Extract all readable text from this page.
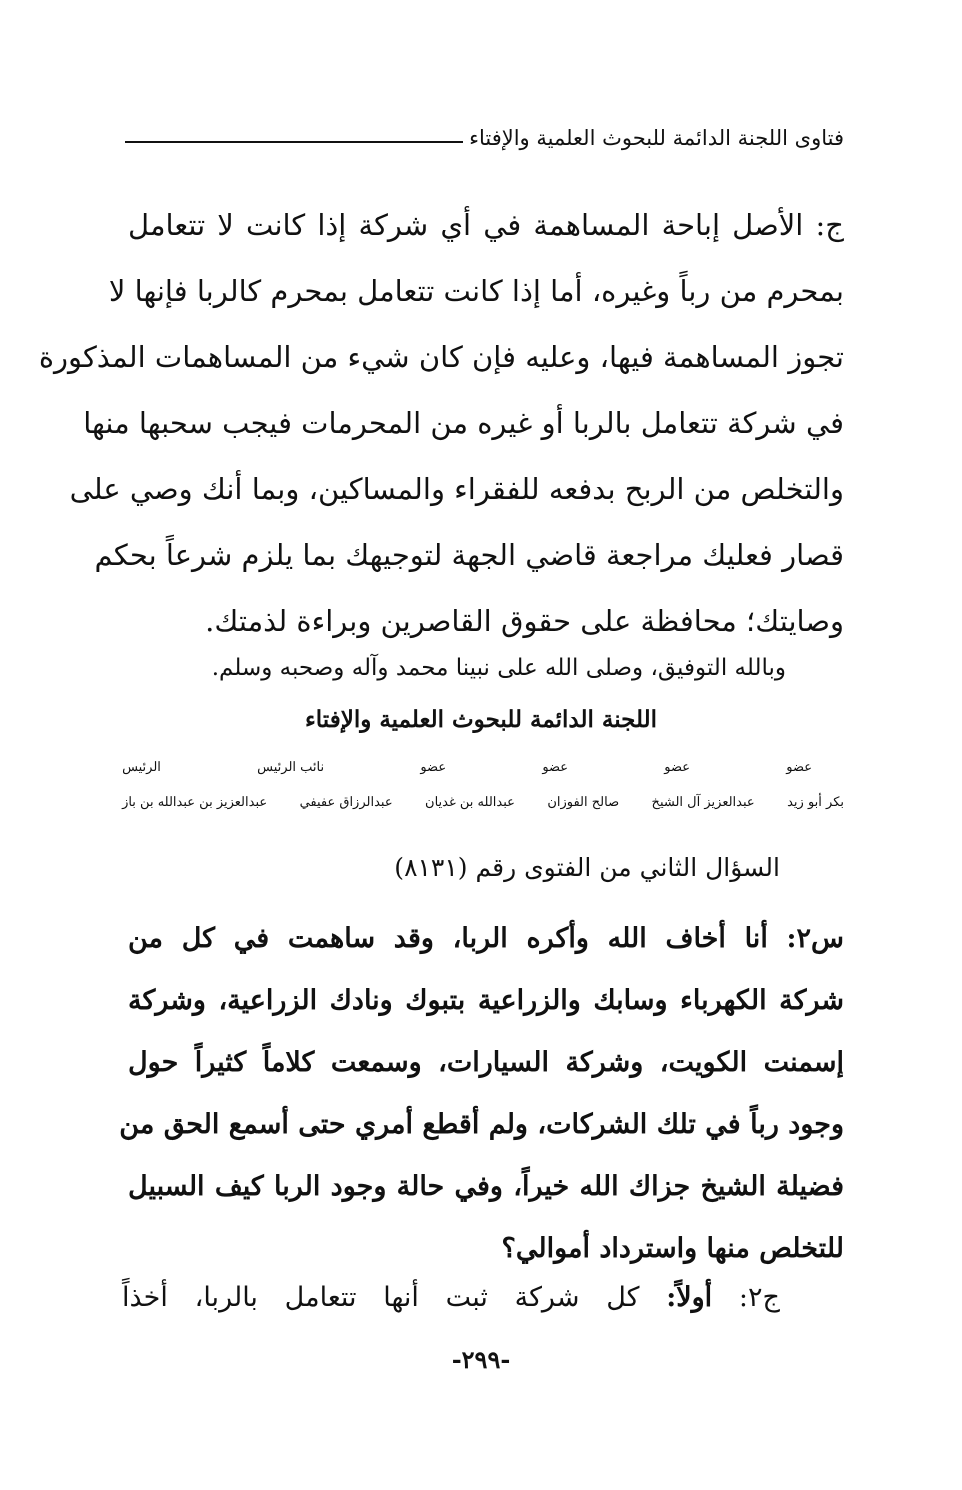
فتاوى اللجنة الدائمة للبحوث العلمية والإفتاء
ج: الأصل إباحة المساهمة في أي شركة إذا كانت لا تتعامل
بمحرم من رباً وغيره، أما إذا كانت تتعامل بمحرم كالربا فإنها لا
تجوز المساهمة فيها، وعليه فإن كان شيء من المساهمات المذكورة
في شركة تتعامل بالربا أو غيره من المحرمات فيجب سحبها منها
والتخلص من الربح بدفعه للفقراء والمساكين، وبما أنك وصي على
قصار فعليك مراجعة قاضي الجهة لتوجيهك بما يلزم شرعاً بحكم
وصايتك؛ محافظة على حقوق القاصرين وبراءة لذمتك.
وبالله التوفيق، وصلى الله على نبينا محمد وآله وصحبه وسلم.
اللجنة الدائمة للبحوث العلمية والإفتاء
عضو
عضو
عضو
عضو
نائب الرئيس
الرئيس
بكر أبو زيد
عبدالعزيز آل الشيخ
صالح الفوزان
عبدالله بن غديان
عبدالرزاق عفيفي
عبدالعزيز بن عبدالله بن باز
السؤال الثاني من الفتوى رقم (٨١٣١)
س٢: أنا أخاف الله وأكره الربا، وقد ساهمت في كل من
شركة الكهرباء وسابك والزراعية بتبوك ونادك الزراعية، وشركة
إسمنت الكويت، وشركة السيارات، وسمعت كلاماً كثيراً حول
وجود رباً في تلك الشركات، ولم أقطع أمري حتى أسمع الحق من
فضيلة الشيخ جزاك الله خيراً، وفي حالة وجود الربا كيف السبيل
للتخلص منها واسترداد أموالي؟
ج٢: أولاً: كل شركة ثبت أنها تتعامل بالربا، أخذاً
-٢٩٩-
